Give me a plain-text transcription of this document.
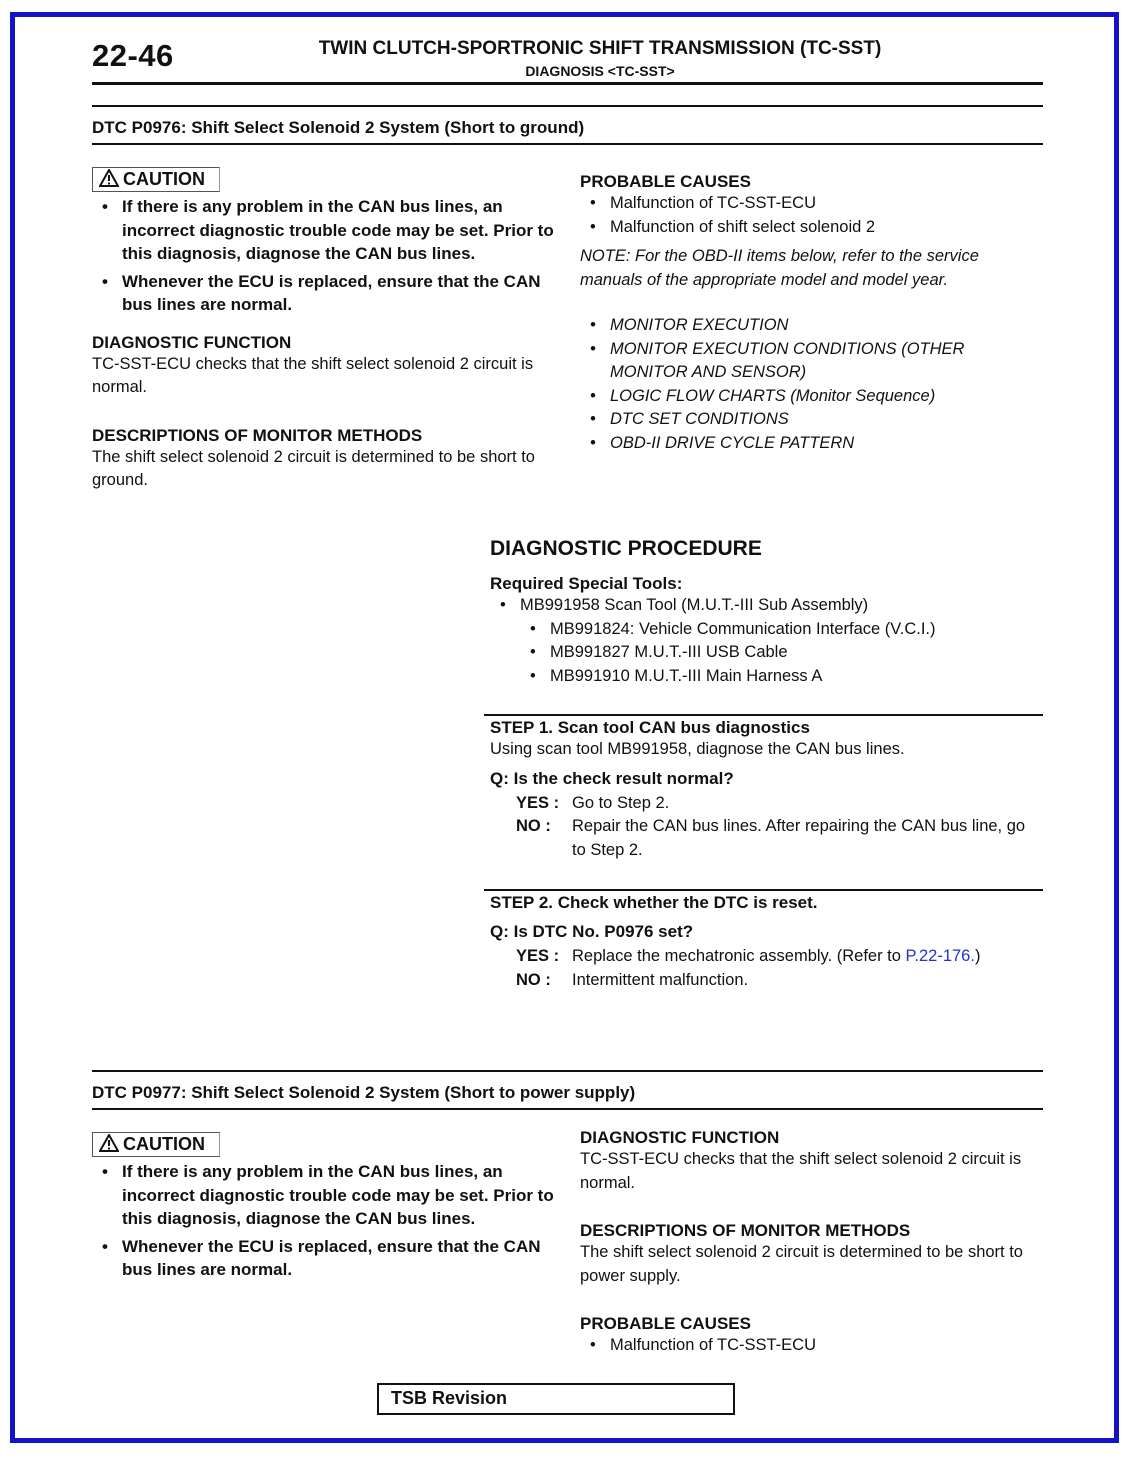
22-46	TWIN CLUTCH-SPORTRONIC SHIFT TRANSMISSION (TC-SST)
DIAGNOSIS <TC-SST>
DTC P0976: Shift Select Solenoid 2 System (Short to ground)
CAUTION
• If there is any problem in the CAN bus lines, an incorrect diagnostic trouble code may be set. Prior to this diagnosis, diagnose the CAN bus lines.
• Whenever the ECU is replaced, ensure that the CAN bus lines are normal.
DIAGNOSTIC FUNCTION
TC-SST-ECU checks that the shift select solenoid 2 circuit is normal.
DESCRIPTIONS OF MONITOR METHODS
The shift select solenoid 2 circuit is determined to be short to ground.
PROBABLE CAUSES
• Malfunction of TC-SST-ECU
• Malfunction of shift select solenoid 2
NOTE: For the OBD-II items below, refer to the service manuals of the appropriate model and model year.
• MONITOR EXECUTION
• MONITOR EXECUTION CONDITIONS (OTHER MONITOR AND SENSOR)
• LOGIC FLOW CHARTS (Monitor Sequence)
• DTC SET CONDITIONS
• OBD-II DRIVE CYCLE PATTERN
DIAGNOSTIC PROCEDURE
Required Special Tools:
• MB991958 Scan Tool (M.U.T.-III Sub Assembly)
• MB991824: Vehicle Communication Interface (V.C.I.)
• MB991827 M.U.T.-III USB Cable
• MB991910 M.U.T.-III Main Harness A
STEP 1. Scan tool CAN bus diagnostics
Using scan tool MB991958, diagnose the CAN bus lines.
Q: Is the check result normal?
YES : Go to Step 2.
NO : Repair the CAN bus lines. After repairing the CAN bus line, go to Step 2.
STEP 2. Check whether the DTC is reset.
Q: Is DTC No. P0976 set?
YES : Replace the mechatronic assembly. (Refer to P.22-176.)
NO : Intermittent malfunction.
DTC P0977: Shift Select Solenoid 2 System (Short to power supply)
CAUTION
• If there is any problem in the CAN bus lines, an incorrect diagnostic trouble code may be set. Prior to this diagnosis, diagnose the CAN bus lines.
• Whenever the ECU is replaced, ensure that the CAN bus lines are normal.
DIAGNOSTIC FUNCTION
TC-SST-ECU checks that the shift select solenoid 2 circuit is normal.
DESCRIPTIONS OF MONITOR METHODS
The shift select solenoid 2 circuit is determined to be short to power supply.
PROBABLE CAUSES
• Malfunction of TC-SST-ECU
TSB Revision
